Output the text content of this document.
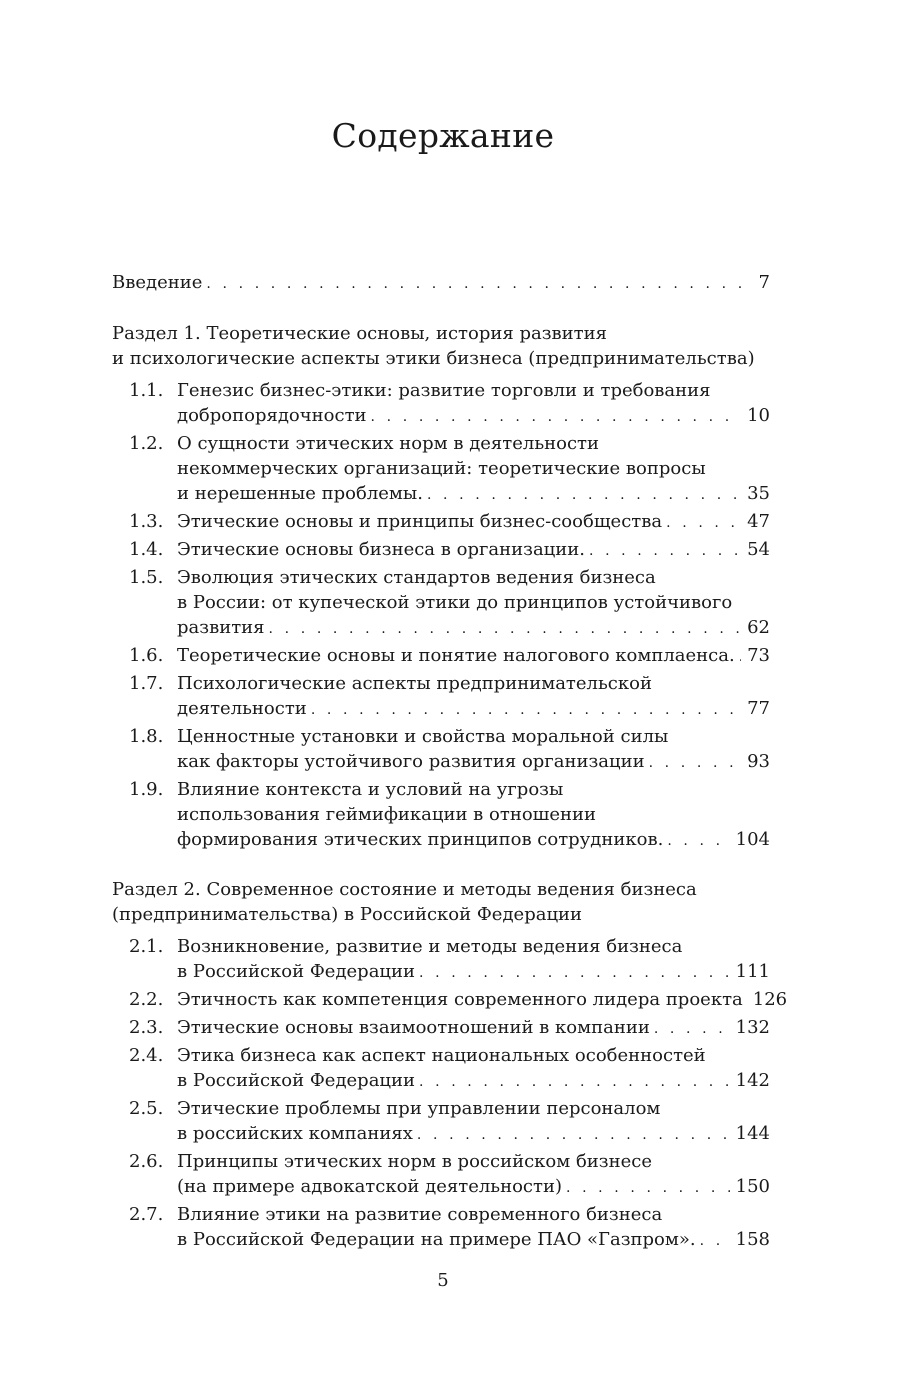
Содержание
Введение . . .	7
Раздел 1. Теоретические основы, история развития
и психологические аспекты этики бизнеса (предпринимательства)
1.1. Генезис бизнес-этики: развитие торговли и требования
добропорядочности . . .	10
1.2. О сущности этических норм в деятельности
некоммерческих организаций: теоретические вопросы
и нерешенные проблемы. . . .	35
1.3. Этические основы и принципы бизнес-сообщества . . .	47
1.4. Этические основы бизнеса в организации. . . .	54
1.5. Эволюция этических стандартов ведения бизнеса
в России: от купеческой этики до принципов устойчивого
развития . . .	62
1.6. Теоретические основы и понятие налогового комплаенса. . . . 73
1.7. Психологические аспекты предпринимательской
деятельности . . .	77
1.8. Ценностные установки и свойства моральной силы
как факторы устойчивого развития организации . . .	93
1.9. Влияние контекста и условий на угрозы
использования геймификации в отношении
формирования этических принципов сотрудников. . . .	104
Раздел 2. Современное состояние и методы ведения бизнеса
(предпринимательства) в Российской Федерации
2.1. Возникновение, развитие и методы ведения бизнеса
в Российской Федерации . . .	111
2.2. Этичность как компетенция современного лидера проекта 126
2.3. Этические основы взаимоотношений в компании . . .	132
2.4. Этика бизнеса как аспект национальных особенностей
в Российской Федерации . . .	142
2.5. Этические проблемы при управлении персоналом
в российских компаниях . . .	144
2.6. Принципы этических норм в российском бизнесе
(на примере адвокатской деятельности) . . .	150
2.7. Влияние этики на развитие современного бизнеса
в Российской Федерации на примере ПАО «Газпром». . . . 158
5
